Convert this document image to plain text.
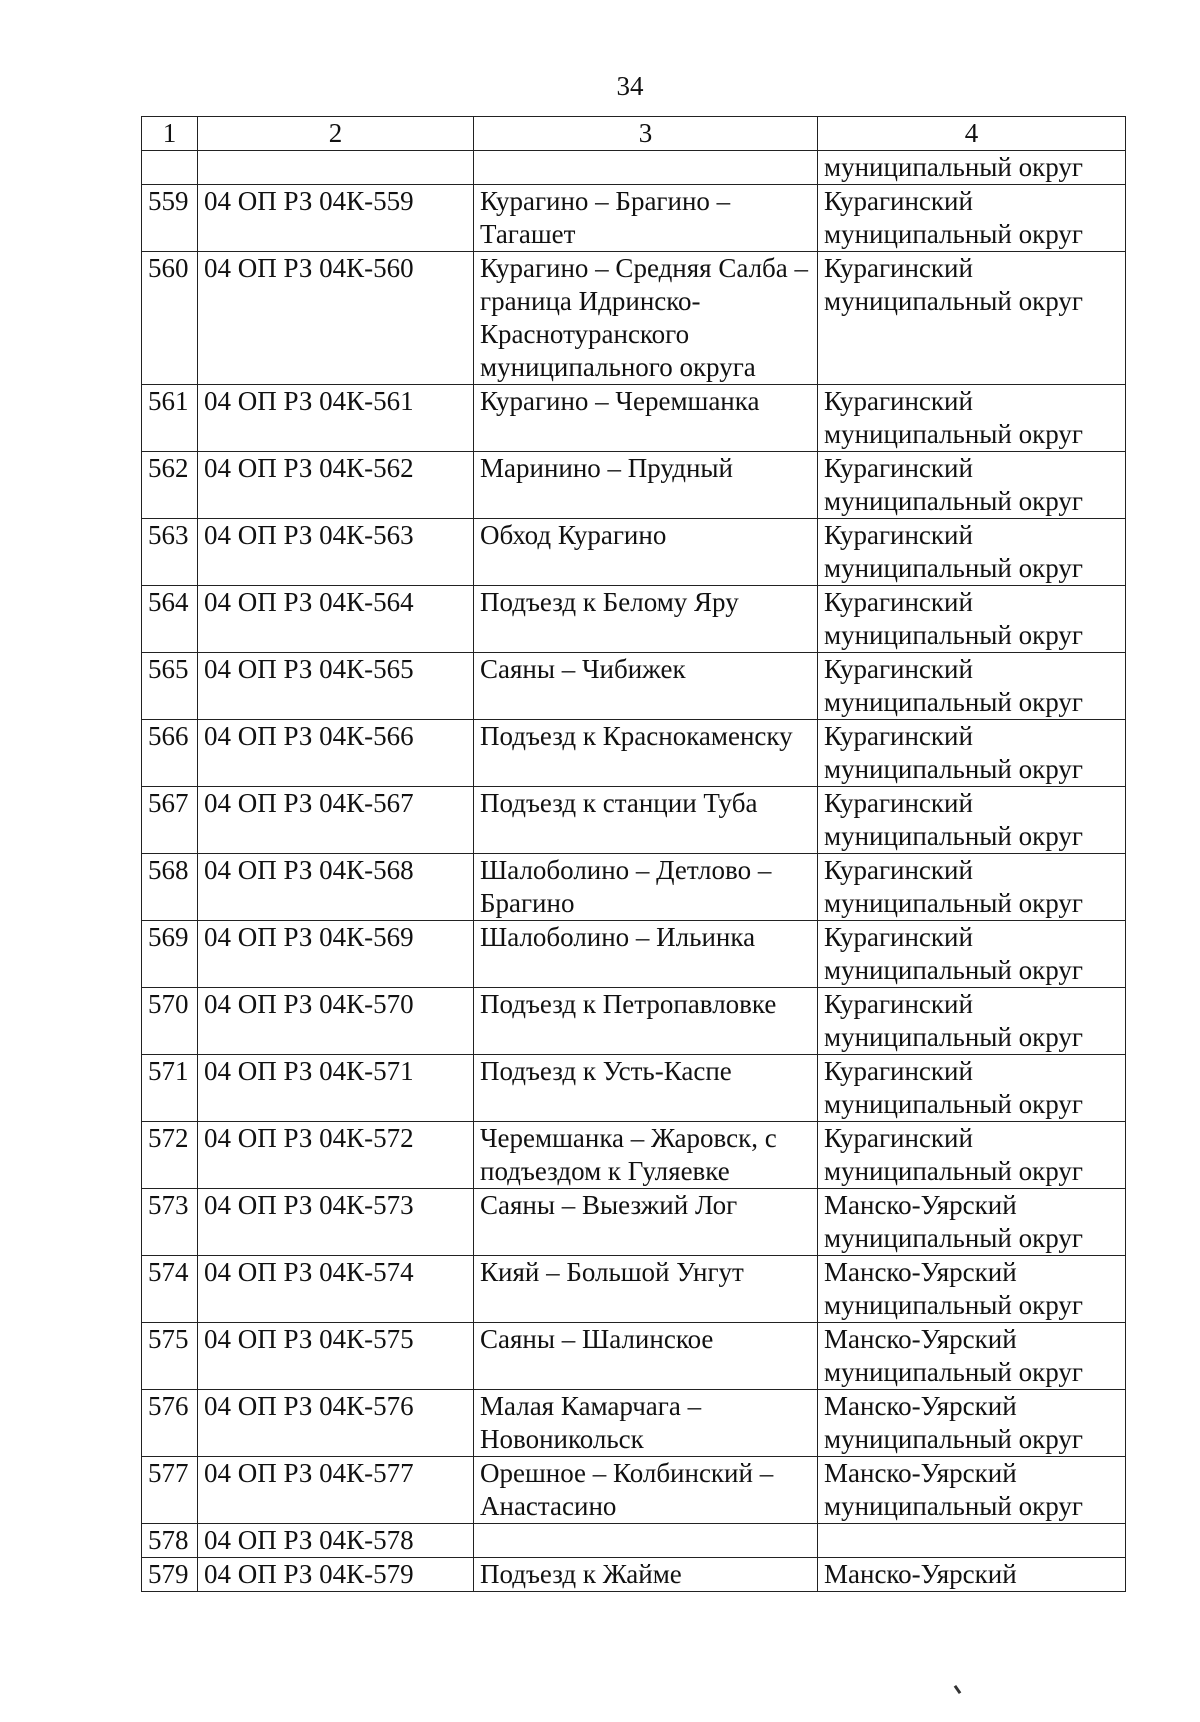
34
1	2	3	4
			муниципальный округ
559	04 ОП РЗ 04К-559	Курагино – Брагино – Тагашет	Курагинский муниципальный округ
560	04 ОП РЗ 04К-560	Курагино – Средняя Салба – граница Идринско-Краснотуранского муниципального округа	Курагинский муниципальный округ
561	04 ОП РЗ 04К-561	Курагино – Черемшанка	Курагинский муниципальный округ
562	04 ОП РЗ 04К-562	Маринино – Прудный	Курагинский муниципальный округ
563	04 ОП РЗ 04К-563	Обход Курагино	Курагинский муниципальный округ
564	04 ОП РЗ 04К-564	Подъезд к Белому Яру	Курагинский муниципальный округ
565	04 ОП РЗ 04К-565	Саяны – Чибижек	Курагинский муниципальный округ
566	04 ОП РЗ 04К-566	Подъезд к Краснокаменску	Курагинский муниципальный округ
567	04 ОП РЗ 04К-567	Подъезд к станции Туба	Курагинский муниципальный округ
568	04 ОП РЗ 04К-568	Шалоболино – Детлово – Брагино	Курагинский муниципальный округ
569	04 ОП РЗ 04К-569	Шалоболино – Ильинка	Курагинский муниципальный округ
570	04 ОП РЗ 04К-570	Подъезд к Петропавловке	Курагинский муниципальный округ
571	04 ОП РЗ 04К-571	Подъезд к Усть-Каспе	Курагинский муниципальный округ
572	04 ОП РЗ 04К-572	Черемшанка – Жаровск, с подъездом к Гуляевке	Курагинский муниципальный округ
573	04 ОП РЗ 04К-573	Саяны – Выезжий Лог	Манско-Уярский муниципальный округ
574	04 ОП РЗ 04К-574	Кияй – Большой Унгут	Манско-Уярский муниципальный округ
575	04 ОП РЗ 04К-575	Саяны – Шалинское	Манско-Уярский муниципальный округ
576	04 ОП РЗ 04К-576	Малая Камарчага – Новоникольск	Манско-Уярский муниципальный округ
577	04 ОП РЗ 04К-577	Орешное – Колбинский – Анастасино	Манско-Уярский муниципальный округ
578	04 ОП РЗ 04К-578		
579	04 ОП РЗ 04К-579	Подъезд к Жайме	Манско-Уярский
